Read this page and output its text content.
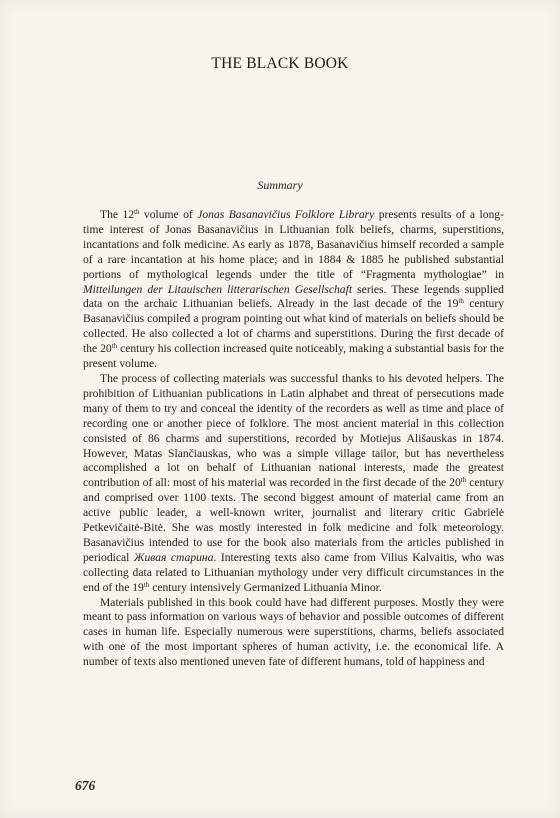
THE BLACK BOOK
Summary

The 12th volume of Jonas Basanavičius Folklore Library presents results of a long-time interest of Jonas Basanavičius in Lithuanian folk beliefs, charms, superstitions, incantations and folk medicine. As early as 1878, Basanavičius himself recorded a sample of a rare incantation at his home place; and in 1884 & 1885 he published substantial portions of mythological legends under the title of “Fragmenta mythologiae” in Mitteilungen der Litauischen litterarischen Gesellschaft series. These legends supplied data on the archaic Lithuanian beliefs. Already in the last decade of the 19th century Basanavičius compiled a program pointing out what kind of materials on beliefs should be collected. He also collected a lot of charms and superstitions. During the first decade of the 20th century his collection increased quite noticeably, making a substantial basis for the present volume.

The process of collecting materials was successful thanks to his devoted helpers. The prohibition of Lithuanian publications in Latin alphabet and threat of persecutions made many of them to try and conceal the identity of the recorders as well as time and place of recording one or another piece of folklore. The most ancient material in this collection consisted of 86 charms and superstitions, recorded by Motiejus Ališauskas in 1874. However, Matas Slančiauskas, who was a simple village tailor, but has nevertheless accomplished a lot on behalf of Lithuanian national interests, made the greatest contribution of all: most of his material was recorded in the first decade of the 20th century and comprised over 1100 texts. The second biggest amount of material came from an active public leader, a well-known writer, journalist and literary critic Gabrielė Petkevičaitė-Bitė. She was mostly interested in folk medicine and folk meteorology. Basanavičius intended to use for the book also materials from the articles published in periodical Живая старина. Interesting texts also came from Vilius Kalvaitis, who was collecting data related to Lithuanian mythology under very difficult circumstances in the end of the 19th century intensively Germanized Lithuania Minor.

Materials published in this book could have had different purposes. Mostly they were meant to pass information on various ways of behavior and possible outcomes of different cases in human life. Especially numerous were superstitions, charms, beliefs associated with one of the most important spheres of human activity, i.e. the economical life. A number of texts also mentioned uneven fate of different humans, told of happiness and

676
